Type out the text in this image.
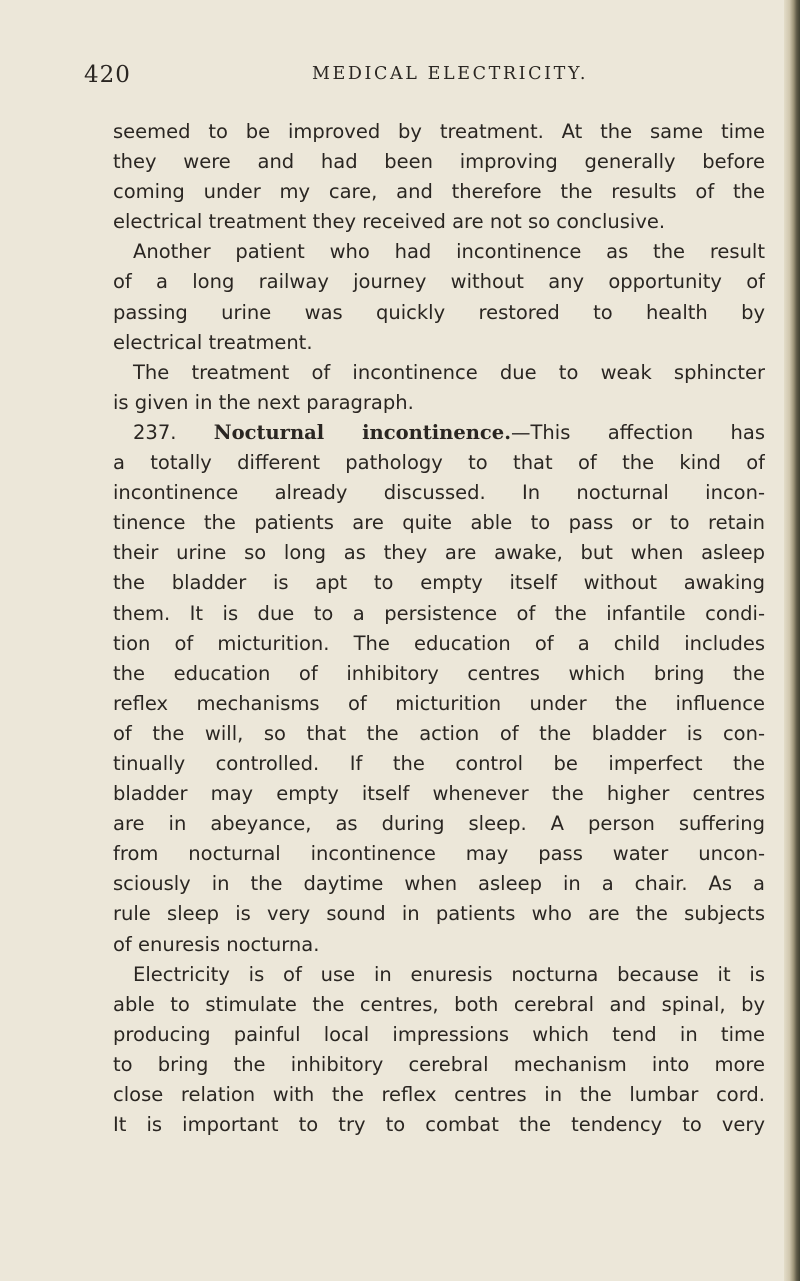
420	MEDICAL ELECTRICITY.
seemed to be improved by treatment. At the same time
they were and had been improving generally before
coming under my care, and therefore the results of the
electrical treatment they received are not so conclusive.
Another patient who had incontinence as the result
of a long railway journey without any opportunity of
passing urine was quickly restored to health by
electrical treatment.
The treatment of incontinence due to weak sphincter
is given in the next paragraph.
237. Nocturnal incontinence.—This affection has
a totally different pathology to that of the kind of
incontinence already discussed. In nocturnal incon-
tinence the patients are quite able to pass or to retain
their urine so long as they are awake, but when asleep
the bladder is apt to empty itself without awaking
them. It is due to a persistence of the infantile condi-
tion of micturition. The education of a child includes
the education of inhibitory centres which bring the
reflex mechanisms of micturition under the influence
of the will, so that the action of the bladder is con-
tinually controlled. If the control be imperfect the
bladder may empty itself whenever the higher centres
are in abeyance, as during sleep. A person suffering
from nocturnal incontinence may pass water uncon-
sciously in the daytime when asleep in a chair. As a
rule sleep is very sound in patients who are the subjects
of enuresis nocturna.
Electricity is of use in enuresis nocturna because it is
able to stimulate the centres, both cerebral and spinal, by
producing painful local impressions which tend in time
to bring the inhibitory cerebral mechanism into more
close relation with the reflex centres in the lumbar cord.
It is important to try to combat the tendency to very
